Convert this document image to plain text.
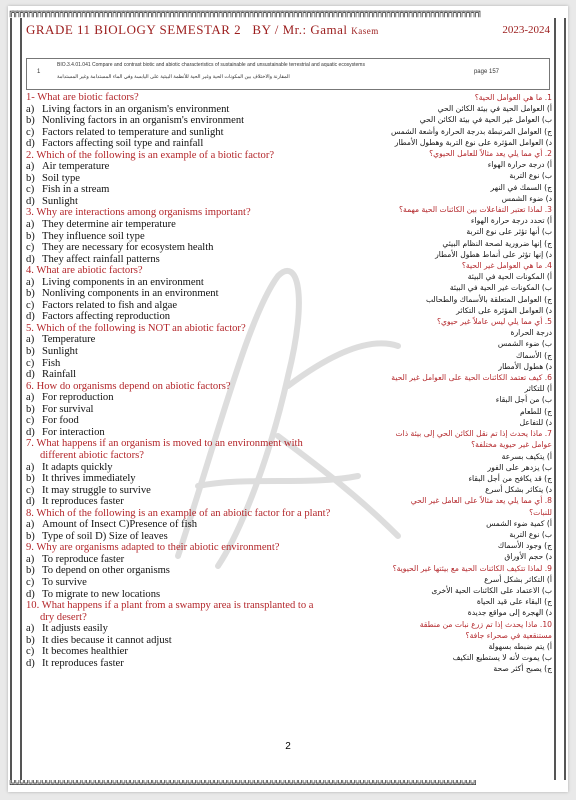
╔╦╦╦╦╦╦╦╦╦╦╦╦╦╦╦╦╦╦╦╦╦╦╦╦╦╦╦╦╦╦╦╦╦╦╦╦╦╦╦╦╦╦╦╦╦╦╦╦╦╦╦╦╦╦╦╦╦╦╦╦╦╦╦╦╦╦╦╦╦╦╦╦╦╦╦╦╦╦╦╦╦╦╦╦╦╦╦╦╦╦╦╦╦╦╦╦╦╦╦╦╦╦╦╦╦╗
╚╩╩╩╩╩╩╩╩╩╩╩╩╩╩╩╩╩╩╩╩╩╩╩╩╩╩╩╩╩╩╩╩╩╩╩╩╩╩╩╩╩╩╩╩╩╩╩╩╩╩╩╩╩╩╩╩╩╩╩╩╩╩╩╩╩╩╩╩╩╩╩╩╩╩╩╩╩╩╩╩╩╩╩╩╩╩╩╩╩╩╩╩╩╩╩╩╩╩╩╩╩╩╩╩╝
GRADE 11 BIOLOGY SEMESTAR 2 BY / Mr.: Gamal Kasem	2023-2024
1
BIO.3.4.01.041 Compare and contrast biotic and abiotic characteristics of sustainable and unsustainable terrestrial and aquatic ecosystems
المقارنة والاختلاف بين المكونات الحية وغير الحية للأنظمة البيئية على اليابسة وفي الماء المستدامة وغير المستدامة
page 157
1- What are biotic factors?
a) Living factors in an organism's environment
b) Nonliving factors in an organism's environment
c) Factors related to temperature and sunlight
d) Factors affecting soil type and rainfall
2. Which of the following is an example of a biotic factor?
a) Air temperature
b) Soil type
c) Fish in a stream
d) Sunlight
3. Why are interactions among organisms important?
a) They determine air temperature
b) They influence soil type
c) They are necessary for ecosystem health
d) They affect rainfall patterns
4. What are abiotic factors?
a) Living components in an environment
b) Nonliving components in an environment
c) Factors related to fish and algae
d) Factors affecting reproduction
5. Which of the following is NOT an abiotic factor?
a) Temperature
b) Sunlight
c) Fish
d) Rainfall
6. How do organisms depend on abiotic factors?
a) For reproduction
b) For survival
c) For food
d) For interaction
7. What happens if an organism is moved to an environment with
different abiotic factors?
a) It adapts quickly
b) It thrives immediately
c) It may struggle to survive
d) It reproduces faster
8. Which of the following is an example of an abiotic factor for a plant?
a) Amount of Insect C)Presence of fish
b) Type of soil D) Size of leaves
9. Why are organisms adapted to their abiotic environment?
a) To reproduce faster
b) To depend on other organisms
c) To survive
d) To migrate to new locations
10. What happens if a plant from a swampy area is transplanted to a
dry desert?
a) It adjusts easily
b) It dies because it cannot adjust
c) It becomes healthier
d) It reproduces faster
1. ما هي العوامل الحية؟
أ) العوامل الحية في بيئة الكائن الحي
ب) العوامل غير الحية في بيئة الكائن الحي
ج) العوامل المرتبطة بدرجة الحرارة وأشعة الشمس
د) العوامل المؤثرة على نوع التربة وهطول الأمطار
2. أي مما يلي يعد مثالاً للعامل الحيوي؟
أ) درجة حرارة الهواء
ب) نوع التربة
ج) السمك في النهر
د) ضوء الشمس
3. لماذا تعتبر التفاعلات بين الكائنات الحية مهمة؟
أ) تحدد درجة حرارة الهواء
ب) أنها تؤثر على نوع التربة
ج) إنها ضرورية لصحة النظام البيئي
د) إنها تؤثر على أنماط هطول الأمطار
4. ما هي العوامل غير الحية؟
أ) المكونات الحية في البيئة
ب) المكونات غير الحية في البيئة
ج) العوامل المتعلقة بالأسماك والطحالب
د) العوامل المؤثرة على التكاثر
5. أي مما يلي ليس عاملاً غير حيوي؟
درجة الحرارة
ب) ضوء الشمس
ج) الأسماك
د) هطول الأمطار
6. كيف تعتمد الكائنات الحية على العوامل غير الحية
أ) للتكاثر
ب) من أجل البقاء
ج) للطعام
د) للتفاعل
7. ماذا يحدث إذا تم نقل الكائن الحي إلى بيئة ذات
عوامل غير حيوية مختلفة؟
أ) يتكيف بسرعة
ب) يزدهر على الفور
ج) قد يكافح من أجل البقاء
د) يتكاثر بشكل أسرع
8. أي مما يلي يعد مثالاً على العامل غير الحي
للنبات؟
أ) كمية ضوء الشمس
ب) نوع التربة
ج) وجود الأسماك
د) حجم الأوراق
9. لماذا تتكيف الكائنات الحية مع بيئتها غير الحيوية؟
أ) التكاثر بشكل أسرع
ب) الاعتماد على الكائنات الحية الأخرى
ج) البقاء على قيد الحياة
د) الهجرة إلى مواقع جديدة
10. ماذا يحدث إذا تم زرع نبات من منطقة
مستنقعية في صحراء جافة؟
أ) يتم ضبطه بسهولة
ب) يموت لأنه لا يستطيع التكيف
ج) يصبح أكثر صحة
2
